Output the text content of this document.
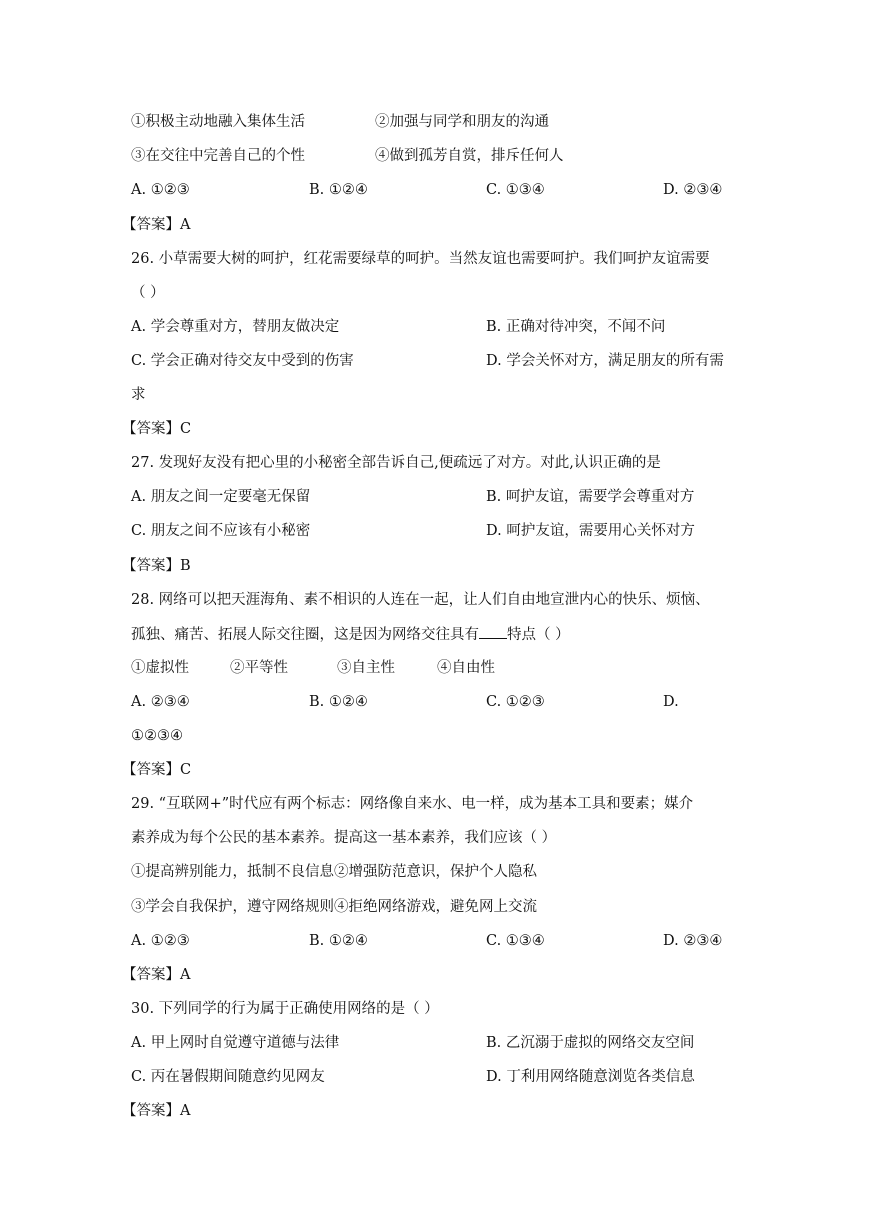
①积极主动地融入集体生活	②加强与同学和朋友的沟通
③在交往中完善自己的个性	④做到孤芳自赏，排斥任何人
A. ①②③	B. ①②④	C. ①③④	D. ②③④
【答案】A
26. 小草需要大树的呵护，红花需要绿草的呵护。当然友谊也需要呵护。我们呵护友谊需要
（ ）
A. 学会尊重对方，替朋友做决定	B. 正确对待冲突，不闻不问
C. 学会正确对待交友中受到的伤害	D. 学会关怀对方，满足朋友的所有需
求
【答案】C
27. 发现好友没有把心里的小秘密全部告诉自己,便疏远了对方。对此,认识正确的是
A. 朋友之间一定要毫无保留	B. 呵护友谊，需要学会尊重对方
C. 朋友之间不应该有小秘密	D. 呵护友谊，需要用心关怀对方
【答案】B
28. 网络可以把天涯海角、素不相识的人连在一起，让人们自由地宣泄内心的快乐、烦恼、
孤独、痛苦、拓展人际交往圈，这是因为网络交往具有 特点（ ）
①虚拟性	②平等性	③自主性	④自由性
A. ②③④	B. ①②④	C. ①②③	D.
①②③④
【答案】C
29. “互联网+”时代应有两个标志：网络像自来水、电一样，成为基本工具和要素；媒介
素养成为每个公民的基本素养。提高这一基本素养，我们应该（ ）
①提高辨别能力，抵制不良信息②增强防范意识，保护个人隐私
③学会自我保护，遵守网络规则④拒绝网络游戏，避免网上交流
A. ①②③	B. ①②④	C. ①③④	D. ②③④
【答案】A
30. 下列同学的行为属于正确使用网络的是（ ）
A. 甲上网时自觉遵守道德与法律	B. 乙沉溺于虚拟的网络交友空间
C. 丙在暑假期间随意约见网友	D. 丁利用网络随意浏览各类信息
【答案】A
